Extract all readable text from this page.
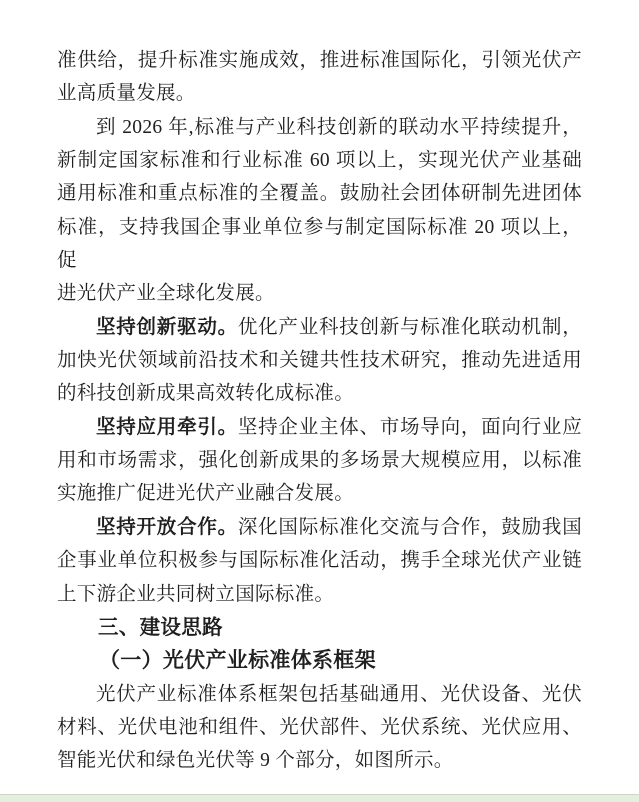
准供给，提升标准实施成效，推进标准国际化，引领光伏产
业高质量发展。
到 2026 年,标准与产业科技创新的联动水平持续提升，
新制定国家标准和行业标准 60 项以上，实现光伏产业基础
通用标准和重点标准的全覆盖。鼓励社会团体研制先进团体
标准，支持我国企事业单位参与制定国际标准 20 项以上，促
进光伏产业全球化发展。
坚持创新驱动。优化产业科技创新与标准化联动机制，
加快光伏领域前沿技术和关键共性技术研究，推动先进适用
的科技创新成果高效转化成标准。
坚持应用牵引。坚持企业主体、市场导向，面向行业应
用和市场需求，强化创新成果的多场景大规模应用，以标准
实施推广促进光伏产业融合发展。
坚持开放合作。深化国际标准化交流与合作，鼓励我国
企事业单位积极参与国际标准化活动，携手全球光伏产业链
上下游企业共同树立国际标准。
三、建设思路
（一）光伏产业标准体系框架
光伏产业标准体系框架包括基础通用、光伏设备、光伏
材料、光伏电池和组件、光伏部件、光伏系统、光伏应用、
智能光伏和绿色光伏等 9 个部分，如图所示。
